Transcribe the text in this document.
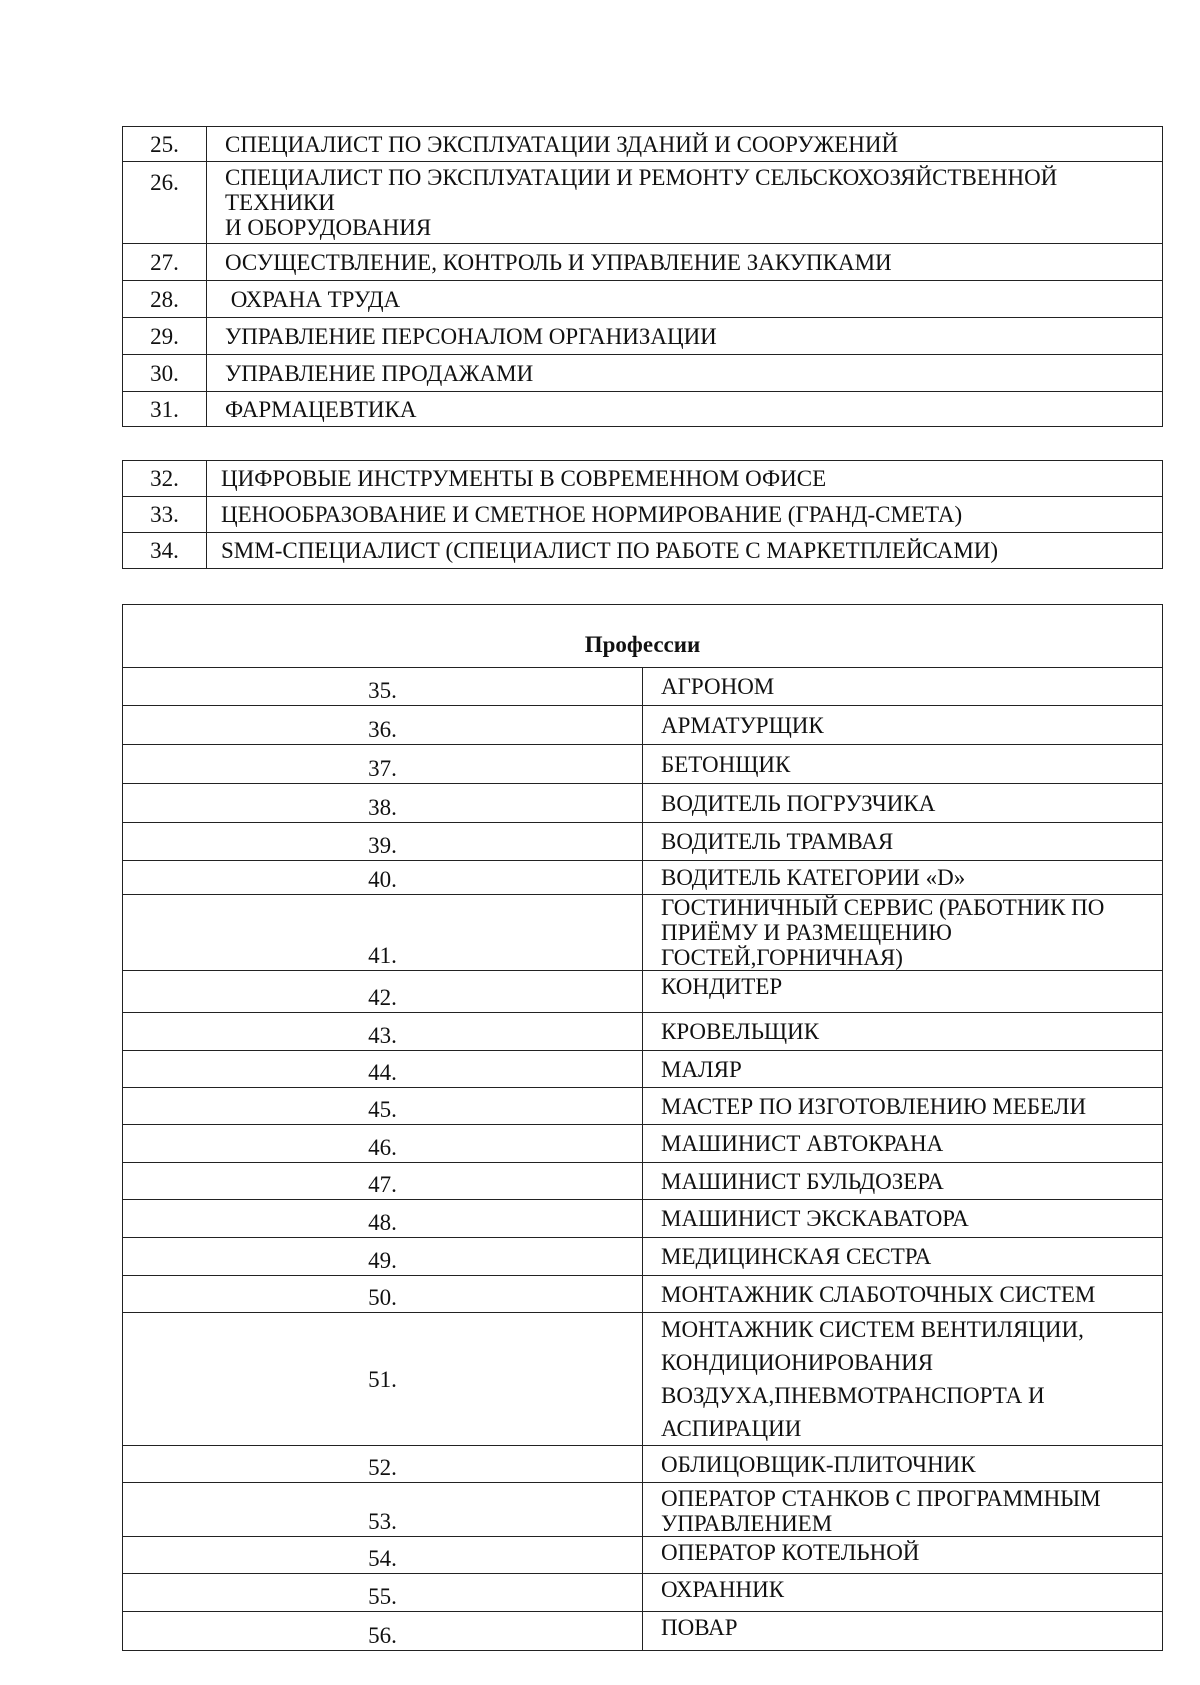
25.	СПЕЦИАЛИСТ ПО ЭКСПЛУАТАЦИИ ЗДАНИЙ И СООРУЖЕНИЙ
26.	СПЕЦИАЛИСТ ПО ЭКСПЛУАТАЦИИ И РЕМОНТУ СЕЛЬСКОХОЗЯЙСТВЕННОЙ
ТЕХНИКИ
И ОБОРУДОВАНИЯ

27.	ОСУЩЕСТВЛЕНИЕ, КОНТРОЛЬ И УПРАВЛЕНИЕ ЗАКУПКАМИ
28.	ОХРАНА ТРУДА
29.	УПРАВЛЕНИЕ ПЕРСОНАЛОМ ОРГАНИЗАЦИИ
30.	УПРАВЛЕНИЕ ПРОДАЖАМИ
31.	ФАРМАЦЕВТИКА
32.	ЦИФРОВЫЕ ИНСТРУМЕНТЫ В СОВРЕМЕННОМ ОФИСЕ
33.	ЦЕНООБРАЗОВАНИЕ И СМЕТНОЕ НОРМИРОВАНИЕ (ГРАНД-СМЕТА)
34.	SMM-СПЕЦИАЛИСТ (СПЕЦИАЛИСТ ПО РАБОТЕ С МАРКЕТПЛЕЙСАМИ)
Профессии	
35.	АГРОНОМ
36.	АРМАТУРЩИК
37.	БЕТОНЩИК
38.	ВОДИТЕЛЬ ПОГРУЗЧИКА
39.	ВОДИТЕЛЬ ТРАМВАЯ
40.	ВОДИТЕЛЬ КАТЕГОРИИ «D»
41.	ГОСТИНИЧНЫЙ СЕРВИС (РАБОТНИК ПО ПРИЁМУ И РАЗМЕЩЕНИЮ
ГОСТЕЙ,ГОРНИЧНАЯ)

42.	КОНДИТЕР
43.	КРОВЕЛЬЩИК
44.	МАЛЯР
45.	МАСТЕР ПО ИЗГОТОВЛЕНИЮ МЕБЕЛИ
46.	МАШИНИСТ АВТОКРАНА
47.	МАШИНИСТ БУЛЬДОЗЕРА
48.	МАШИНИСТ ЭКСКАВАТОРА
49.	МЕДИЦИНСКАЯ СЕСТРА
50.	МОНТАЖНИК СЛАБОТОЧНЫХ СИСТЕМ
51.	МОНТАЖНИК СИСТЕМ ВЕНТИЛЯЦИИ, КОНДИЦИОНИРОВАНИЯ
ВОЗДУХА,ПНЕВМОТРАНСПОРТА И АСПИРАЦИИ

52.	ОБЛИЦОВЩИК-ПЛИТОЧНИК
53.	ОПЕРАТОР СТАНКОВ С ПРОГРАММНЫМ УПРАВЛЕНИЕМ
54.	ОПЕРАТОР КОТЕЛЬНОЙ
55.	ОХРАННИК
56.	ПОВАР
